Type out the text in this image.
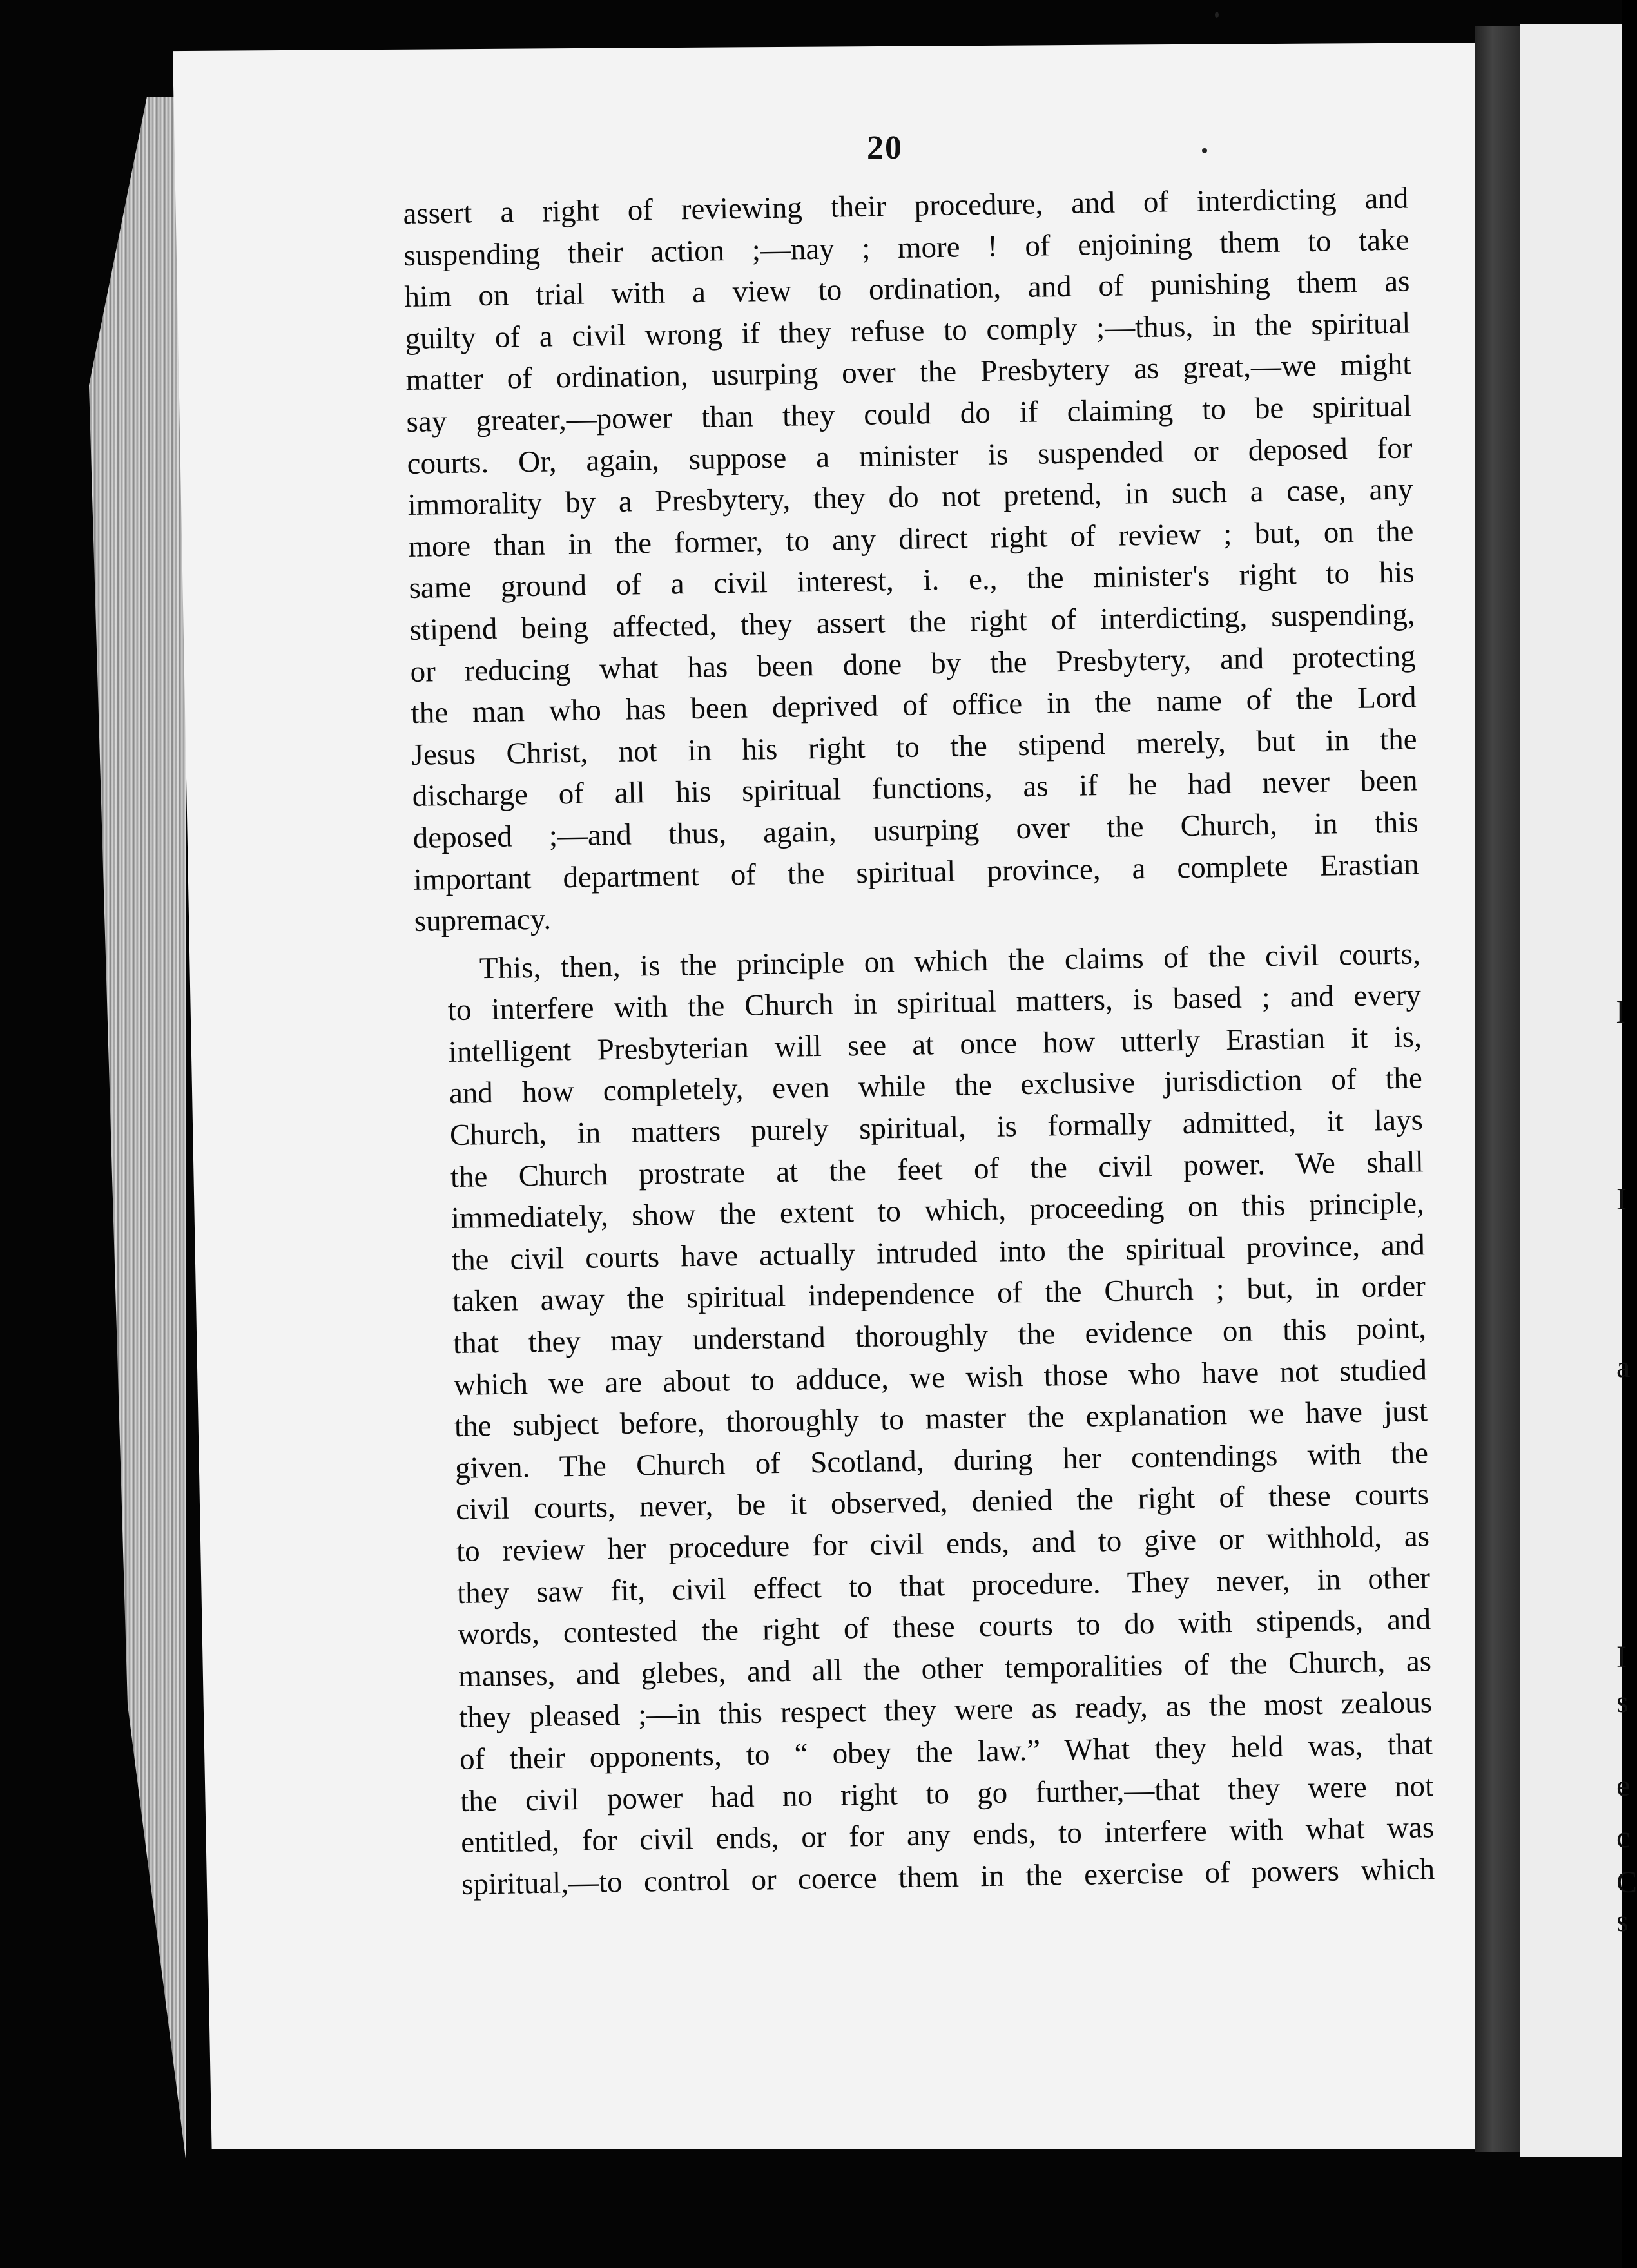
l
I
a
I
s
e
c
C
s
20

assert a right of reviewing their procedure, and of interdicting and
suspending their action ;—nay ; more ! of enjoining them to take
him on trial with a view to ordination, and of punishing them as
guilty of a civil wrong if they refuse to comply ;—thus, in the spiritual
matter of ordination, usurping over the Presbytery as great,—we might
say greater,—power than they could do if claiming to be spiritual
courts. Or, again, suppose a minister is suspended or deposed for
immorality by a Presbytery, they do not pretend, in such a case, any
more than in the former, to any direct right of review ; but, on the
same ground of a civil interest, i. e., the minister's right to his
stipend being affected, they assert the right of interdicting, suspending,
or reducing what has been done by the Presbytery, and protecting
the man who has been deprived of office in the name of the Lord
Jesus Christ, not in his right to the stipend merely, but in the
discharge of all his spiritual functions, as if he had never been
deposed ;—and thus, again, usurping over the Church, in this
important department of the spiritual province, a complete Erastian
supremacy.

This, then, is the principle on which the claims of the civil courts,
to interfere with the Church in spiritual matters, is based ; and every
intelligent Presbyterian will see at once how utterly Erastian it is,
and how completely, even while the exclusive jurisdiction of the
Church, in matters purely spiritual, is formally admitted, it lays
the Church prostrate at the feet of the civil power. We shall
immediately, show the extent to which, proceeding on this principle,
the civil courts have actually intruded into the spiritual province, and
taken away the spiritual independence of the Church ; but, in order
that they may understand thoroughly the evidence on this point,
which we are about to adduce, we wish those who have not studied
the subject before, thoroughly to master the explanation we have just
given. The Church of Scotland, during her contendings with the
civil courts, never, be it observed, denied the right of these courts
to review her procedure for civil ends, and to give or withhold, as
they saw fit, civil effect to that procedure. They never, in other
words, contested the right of these courts to do with stipends, and
manses, and glebes, and all the other temporalities of the Church, as
they pleased ;—in this respect they were as ready, as the most zealous
of their opponents, to “ obey the law.” What they held was, that
the civil power had no right to go further,—that they were not
entitled, for civil ends, or for any ends, to interfere with what was
spiritual,—to control or coerce them in the exercise of powers which
